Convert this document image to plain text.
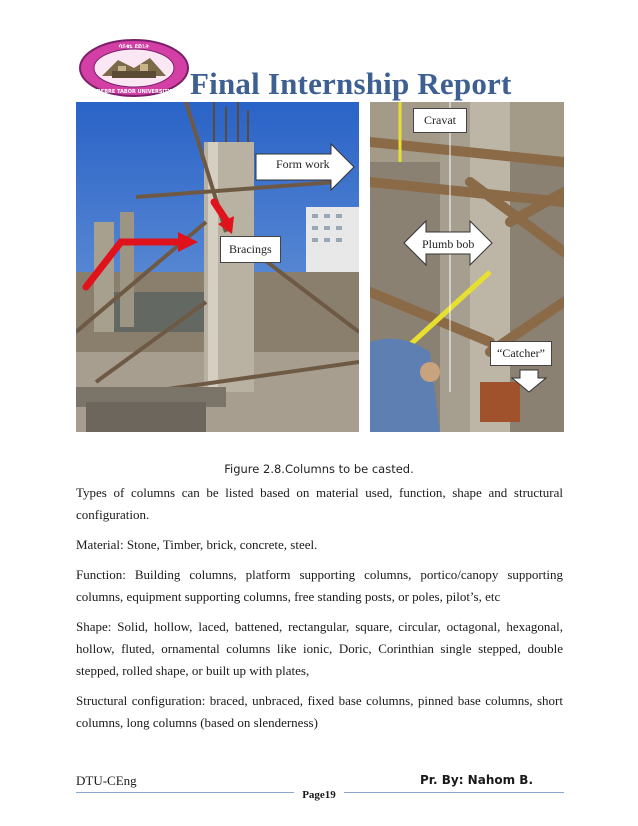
ሳይቄኒ ደደቢት
DEBRE TABOR UNIVERSITY Final Internship Report
Form work
Bracings
Cravat
Plumb bob
“Catcher”
Figure 2.8.Columns to be casted.

Types of columns can be listed based on material used, function, shape and structural configuration.

Material: Stone, Timber, brick, concrete, steel.

Function: Building columns, platform supporting columns, portico/canopy supporting columns, equipment supporting columns, free standing posts, or poles, pilot’s, etc

Shape: Solid, hollow, laced, battened, rectangular, square, circular, octagonal, hexagonal, hollow, fluted, ornamental columns like ionic, Doric, Corinthian single stepped, double stepped, rolled shape, or built up with plates,

Structural configuration: braced, unbraced, fixed base columns, pinned base columns, short columns, long columns (based on slenderness)

DTU-CEng
Page19
Pr. By: Nahom B.
